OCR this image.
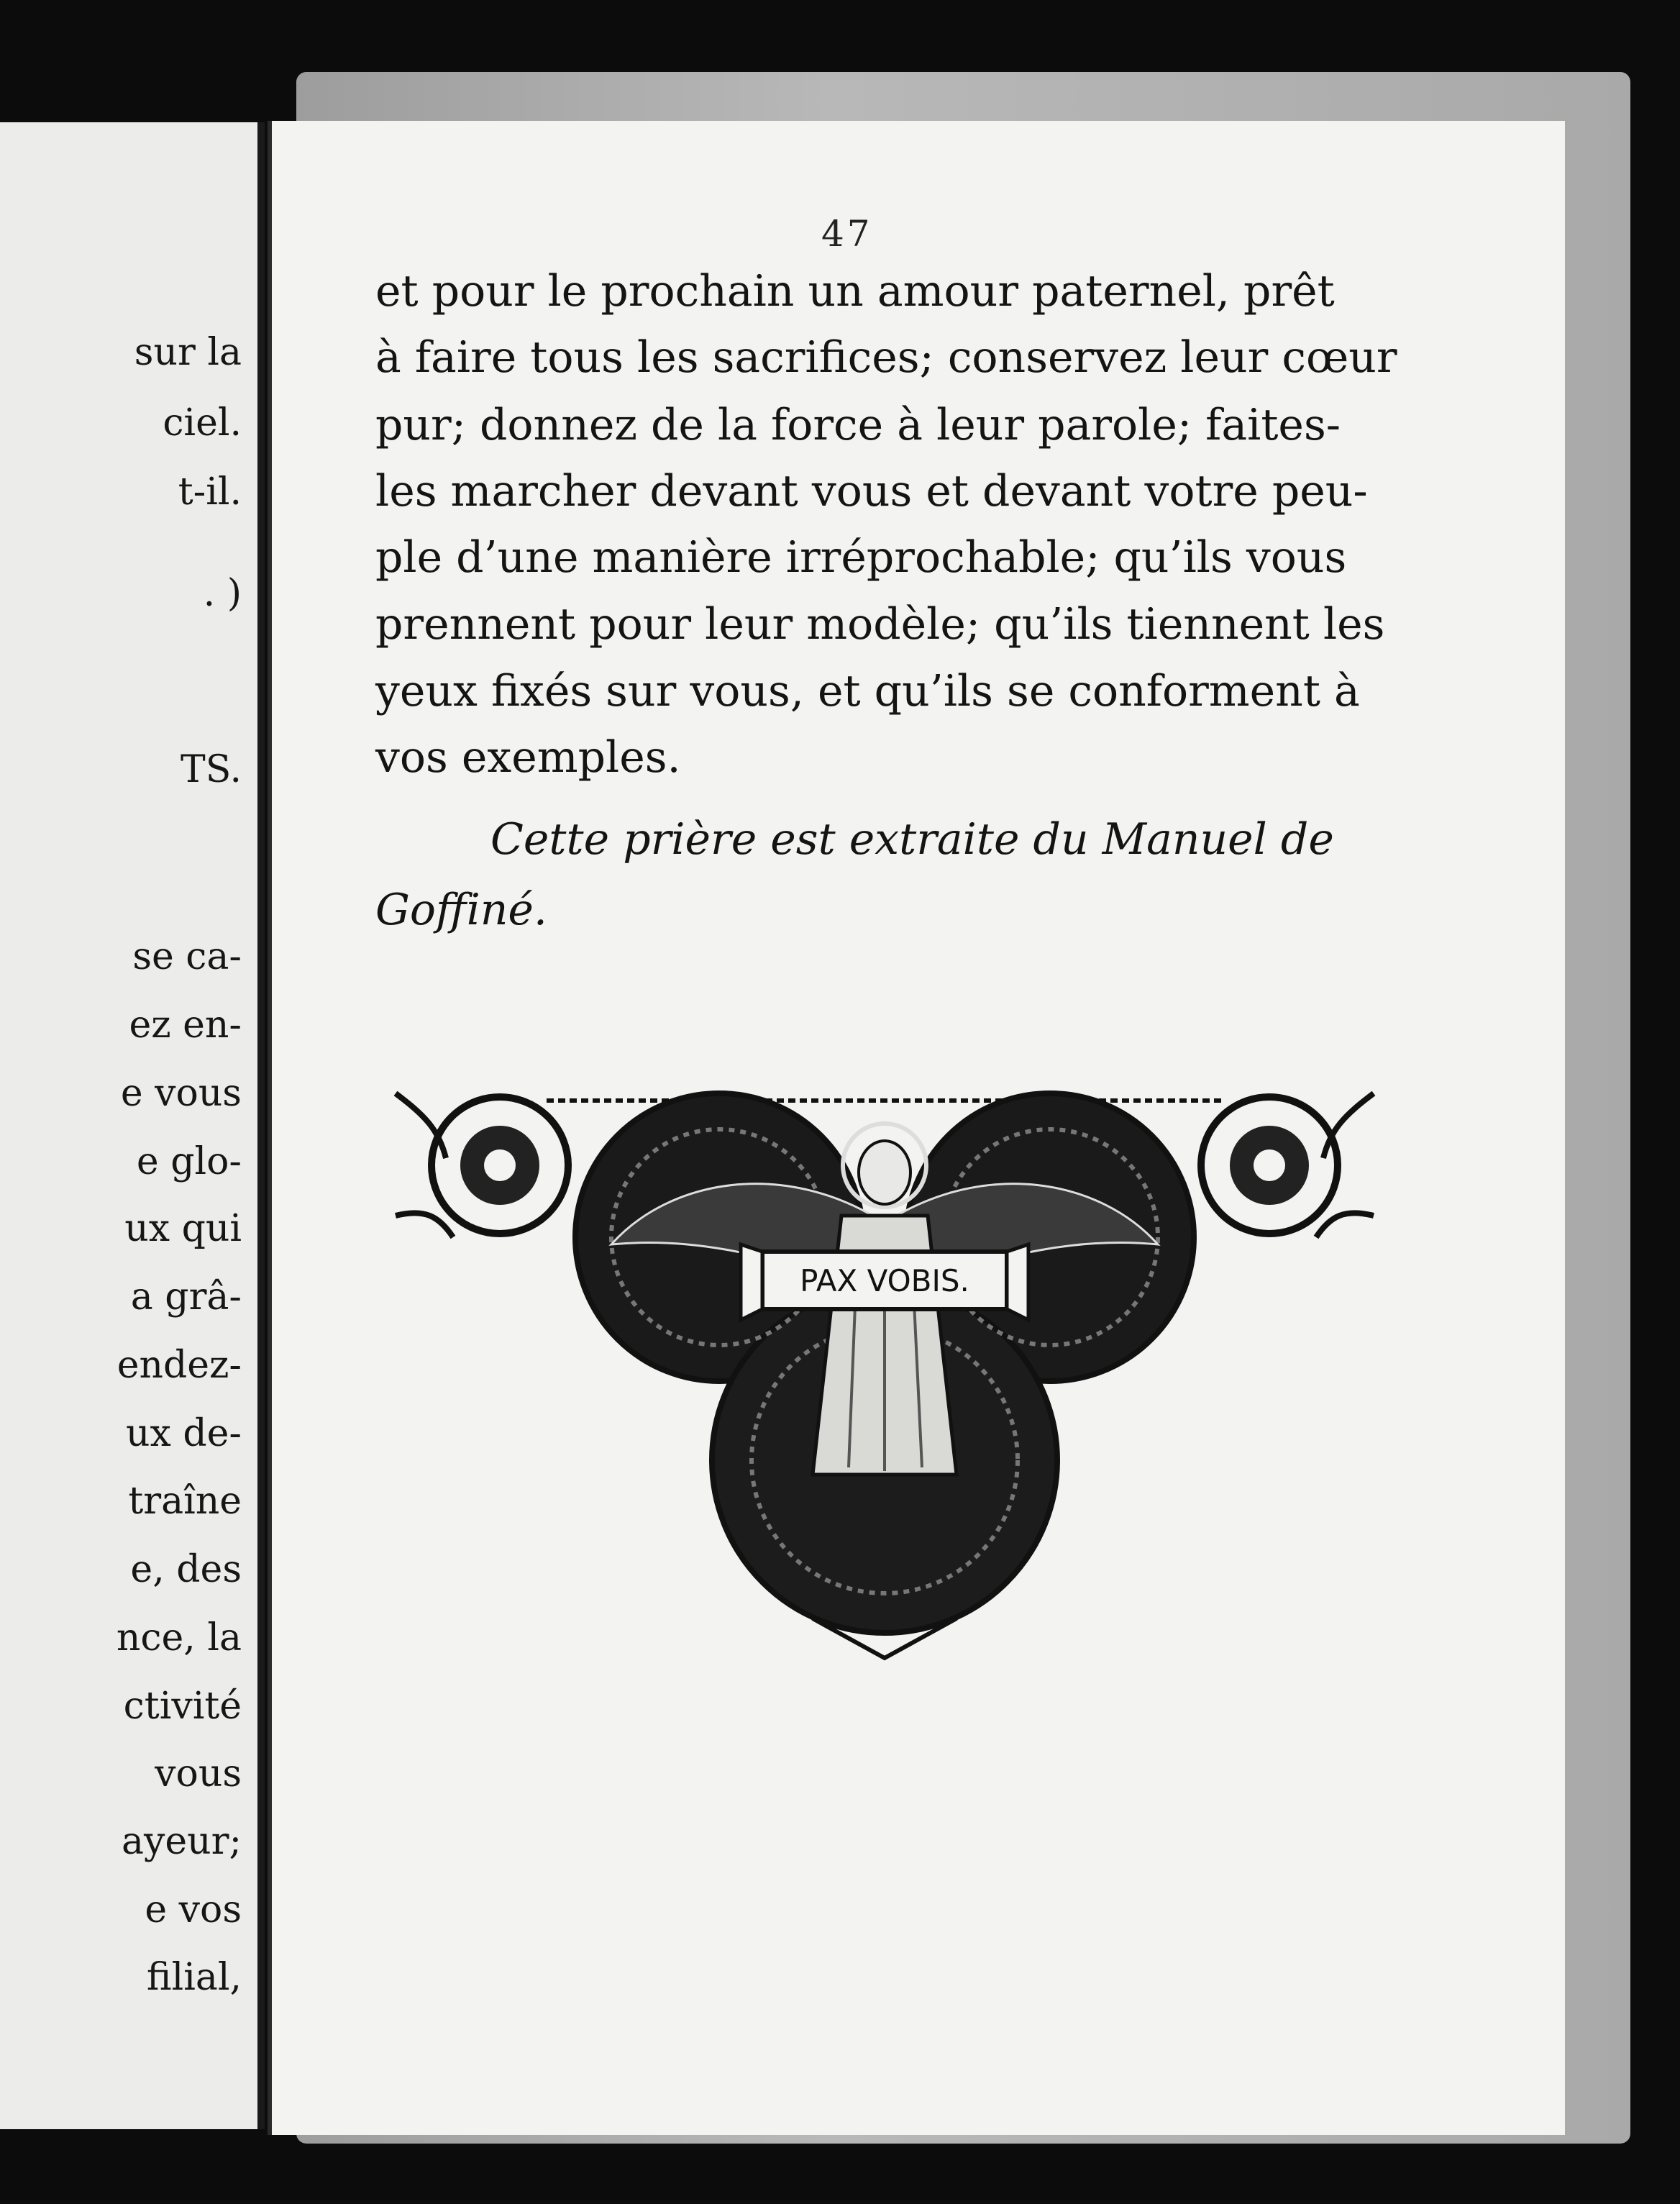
sur la
ciel.
t-il.
. )
TS.
se ca-
ez en-
e vous
e glo-
ux qui
a grâ-
endez-
ux de-
traîne
e, des
nce, la
ctivité
vous
ayeur;
e vos
filial,
47
et pour le prochain un amour paternel, prêt
à faire tous les sacrifices; conservez leur cœur
pur; donnez de la force à leur parole; faites-
les marcher devant vous et devant votre peu-
ple d’une manière irréprochable; qu’ils vous
prennent pour leur modèle; qu’ils tiennent les
yeux fixés sur vous, et qu’ils se conforment à
vos exemples.
Cette prière est extraite du Manuel de
Goffiné.
PAX VOBIS.
